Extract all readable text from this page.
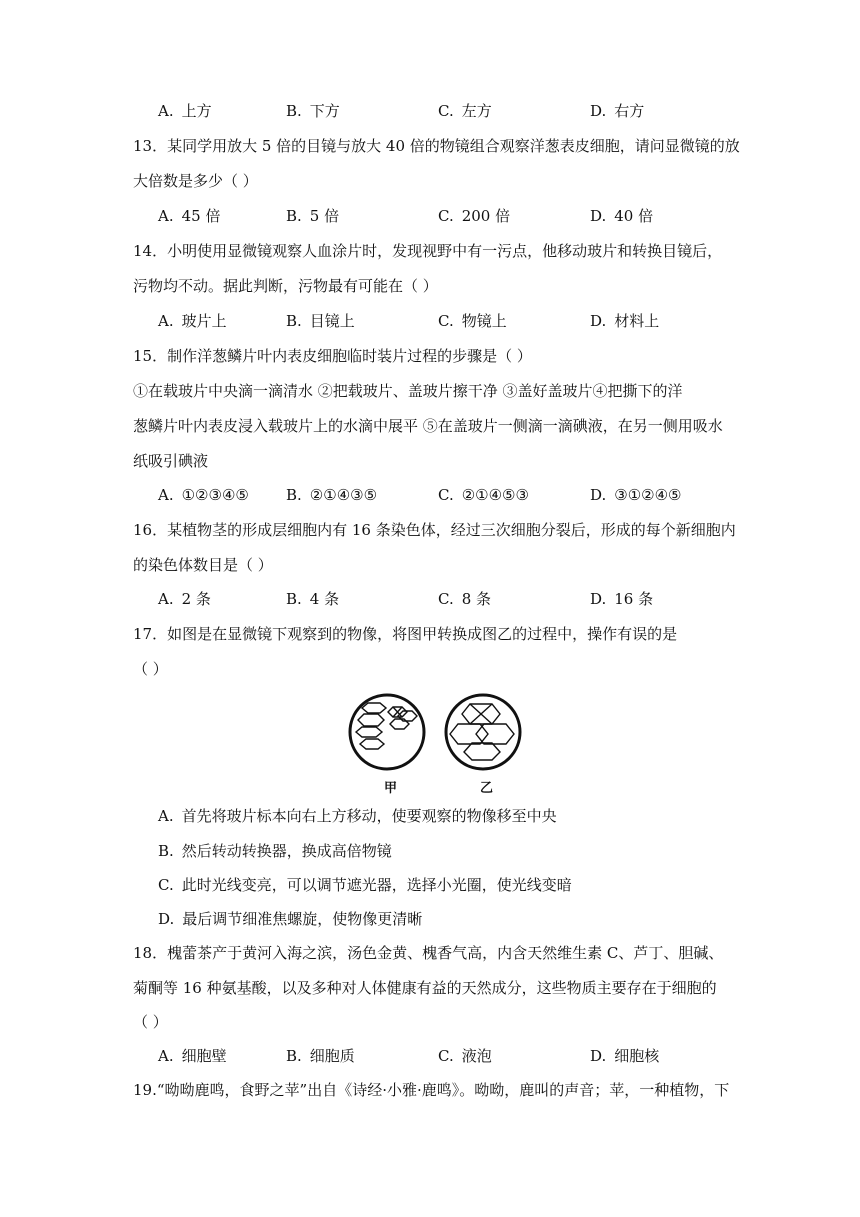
A. 上方	B. 下方	C. 左方	D. 右方
13．某同学用放大 5 倍的目镜与放大 40 倍的物镜组合观察洋葱表皮细胞，请问显微镜的放
大倍数是多少（ ）
A. 45 倍	B. 5 倍	C. 200 倍	D. 40 倍
14．小明使用显微镜观察人血涂片时，发现视野中有一污点，他移动玻片和转换目镜后，
污物均不动。据此判断，污物最有可能在（ ）
A. 玻片上	B. 目镜上	C. 物镜上	D. 材料上
15．制作洋葱鳞片叶内表皮细胞临时装片过程的步骤是（ ）
①在载玻片中央滴一滴清水 ②把载玻片、盖玻片擦干净 ③盖好盖玻片④把撕下的洋
葱鳞片叶内表皮浸入载玻片上的水滴中展平 ⑤在盖玻片一侧滴一滴碘液，在另一侧用吸水
纸吸引碘液
A. ①②③④⑤ B. ②①④③⑤	C. ②①④⑤③	D. ③①②④⑤
16．某植物茎的形成层细胞内有 16 条染色体，经过三次细胞分裂后，形成的每个新细胞内
的染色体数目是（ ）
A. 2 条	B. 4 条	C. 8 条	D. 16 条
17．如图是在显微镜下观察到的物像，将图甲转换成图乙的过程中，操作有误的是
（ ）
甲	乙
A. 首先将玻片标本向右上方移动，使要观察的物像移至中央
B. 然后转动转换器，换成高倍物镜
C. 此时光线变亮，可以调节遮光器，选择小光圈，使光线变暗
D. 最后调节细准焦螺旋，使物像更清晰
18．槐蕾茶产于黄河入海之滨，汤色金黄、槐香气高，内含天然维生素 C、芦丁、胆碱、
菊酮等 16 种氨基酸，以及多种对人体健康有益的天然成分，这些物质主要存在于细胞的
（ ）
A. 细胞壁	B. 细胞质	C. 液泡	D. 细胞核
19.“呦呦鹿鸣，食野之苹”出自《诗经·小雅·鹿鸣》。呦呦，鹿叫的声音；苹，一种植物，下
